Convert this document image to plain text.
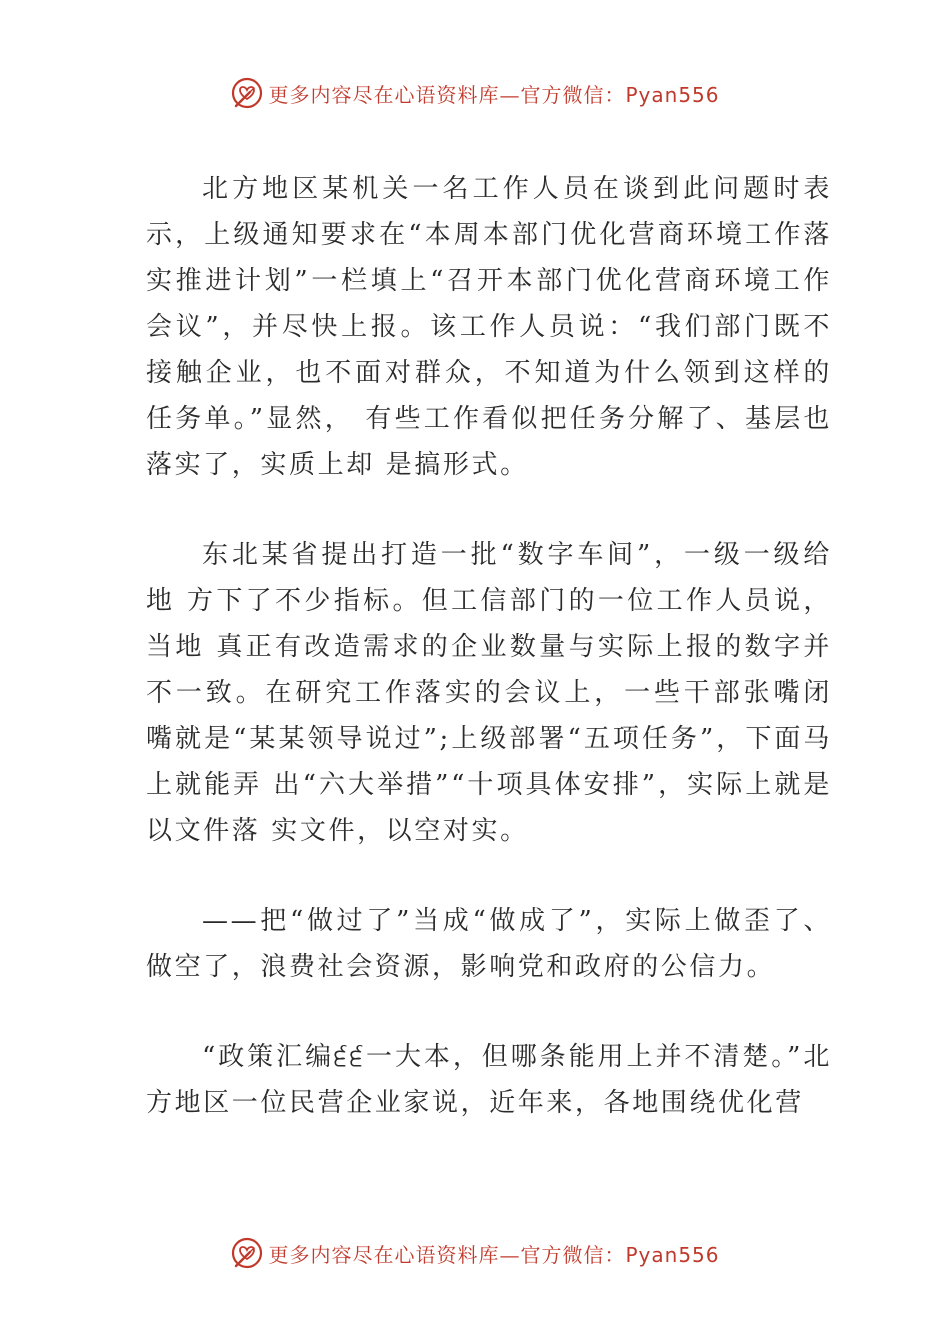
更多内容尽在心语资料库—官方微信：Pyan556

北方地区某机关一名工作人员在谈到此问题时表示，上级通知要求在“本周本部门优化营商环境工作落实推进计划”一栏填上“召开本部门优化营商环境工作会议”，并尽快上报。该工作人员说：“我们部门既不接触企业，也不面对群众，不知道为什么领到这样的任务单。”显然， 有些工作看似把任务分解了、基层也落实了，实质上却 是搞形式。

东北某省提出打造一批“数字车间”，一级一级给地 方下了不少指标。但工信部门的一位工作人员说，当地 真正有改造需求的企业数量与实际上报的数字并不一致。在研究工作落实的会议上，一些干部张嘴闭嘴就是“某某领导说过”;上级部署“五项任务”，下面马上就能弄 出“六大举措”“十项具体安排”，实际上就是以文件落 实文件，以空对实。

——把“做过了”当成“做成了”，实际上做歪了、做空了，浪费社会资源，影响党和政府的公信力。

“政策汇编੬੬一大本，但哪条能用上并不清楚。”北方地区一位民营企业家说，近年来，各地围绕优化营

更多内容尽在心语资料库—官方微信：Pyan556
